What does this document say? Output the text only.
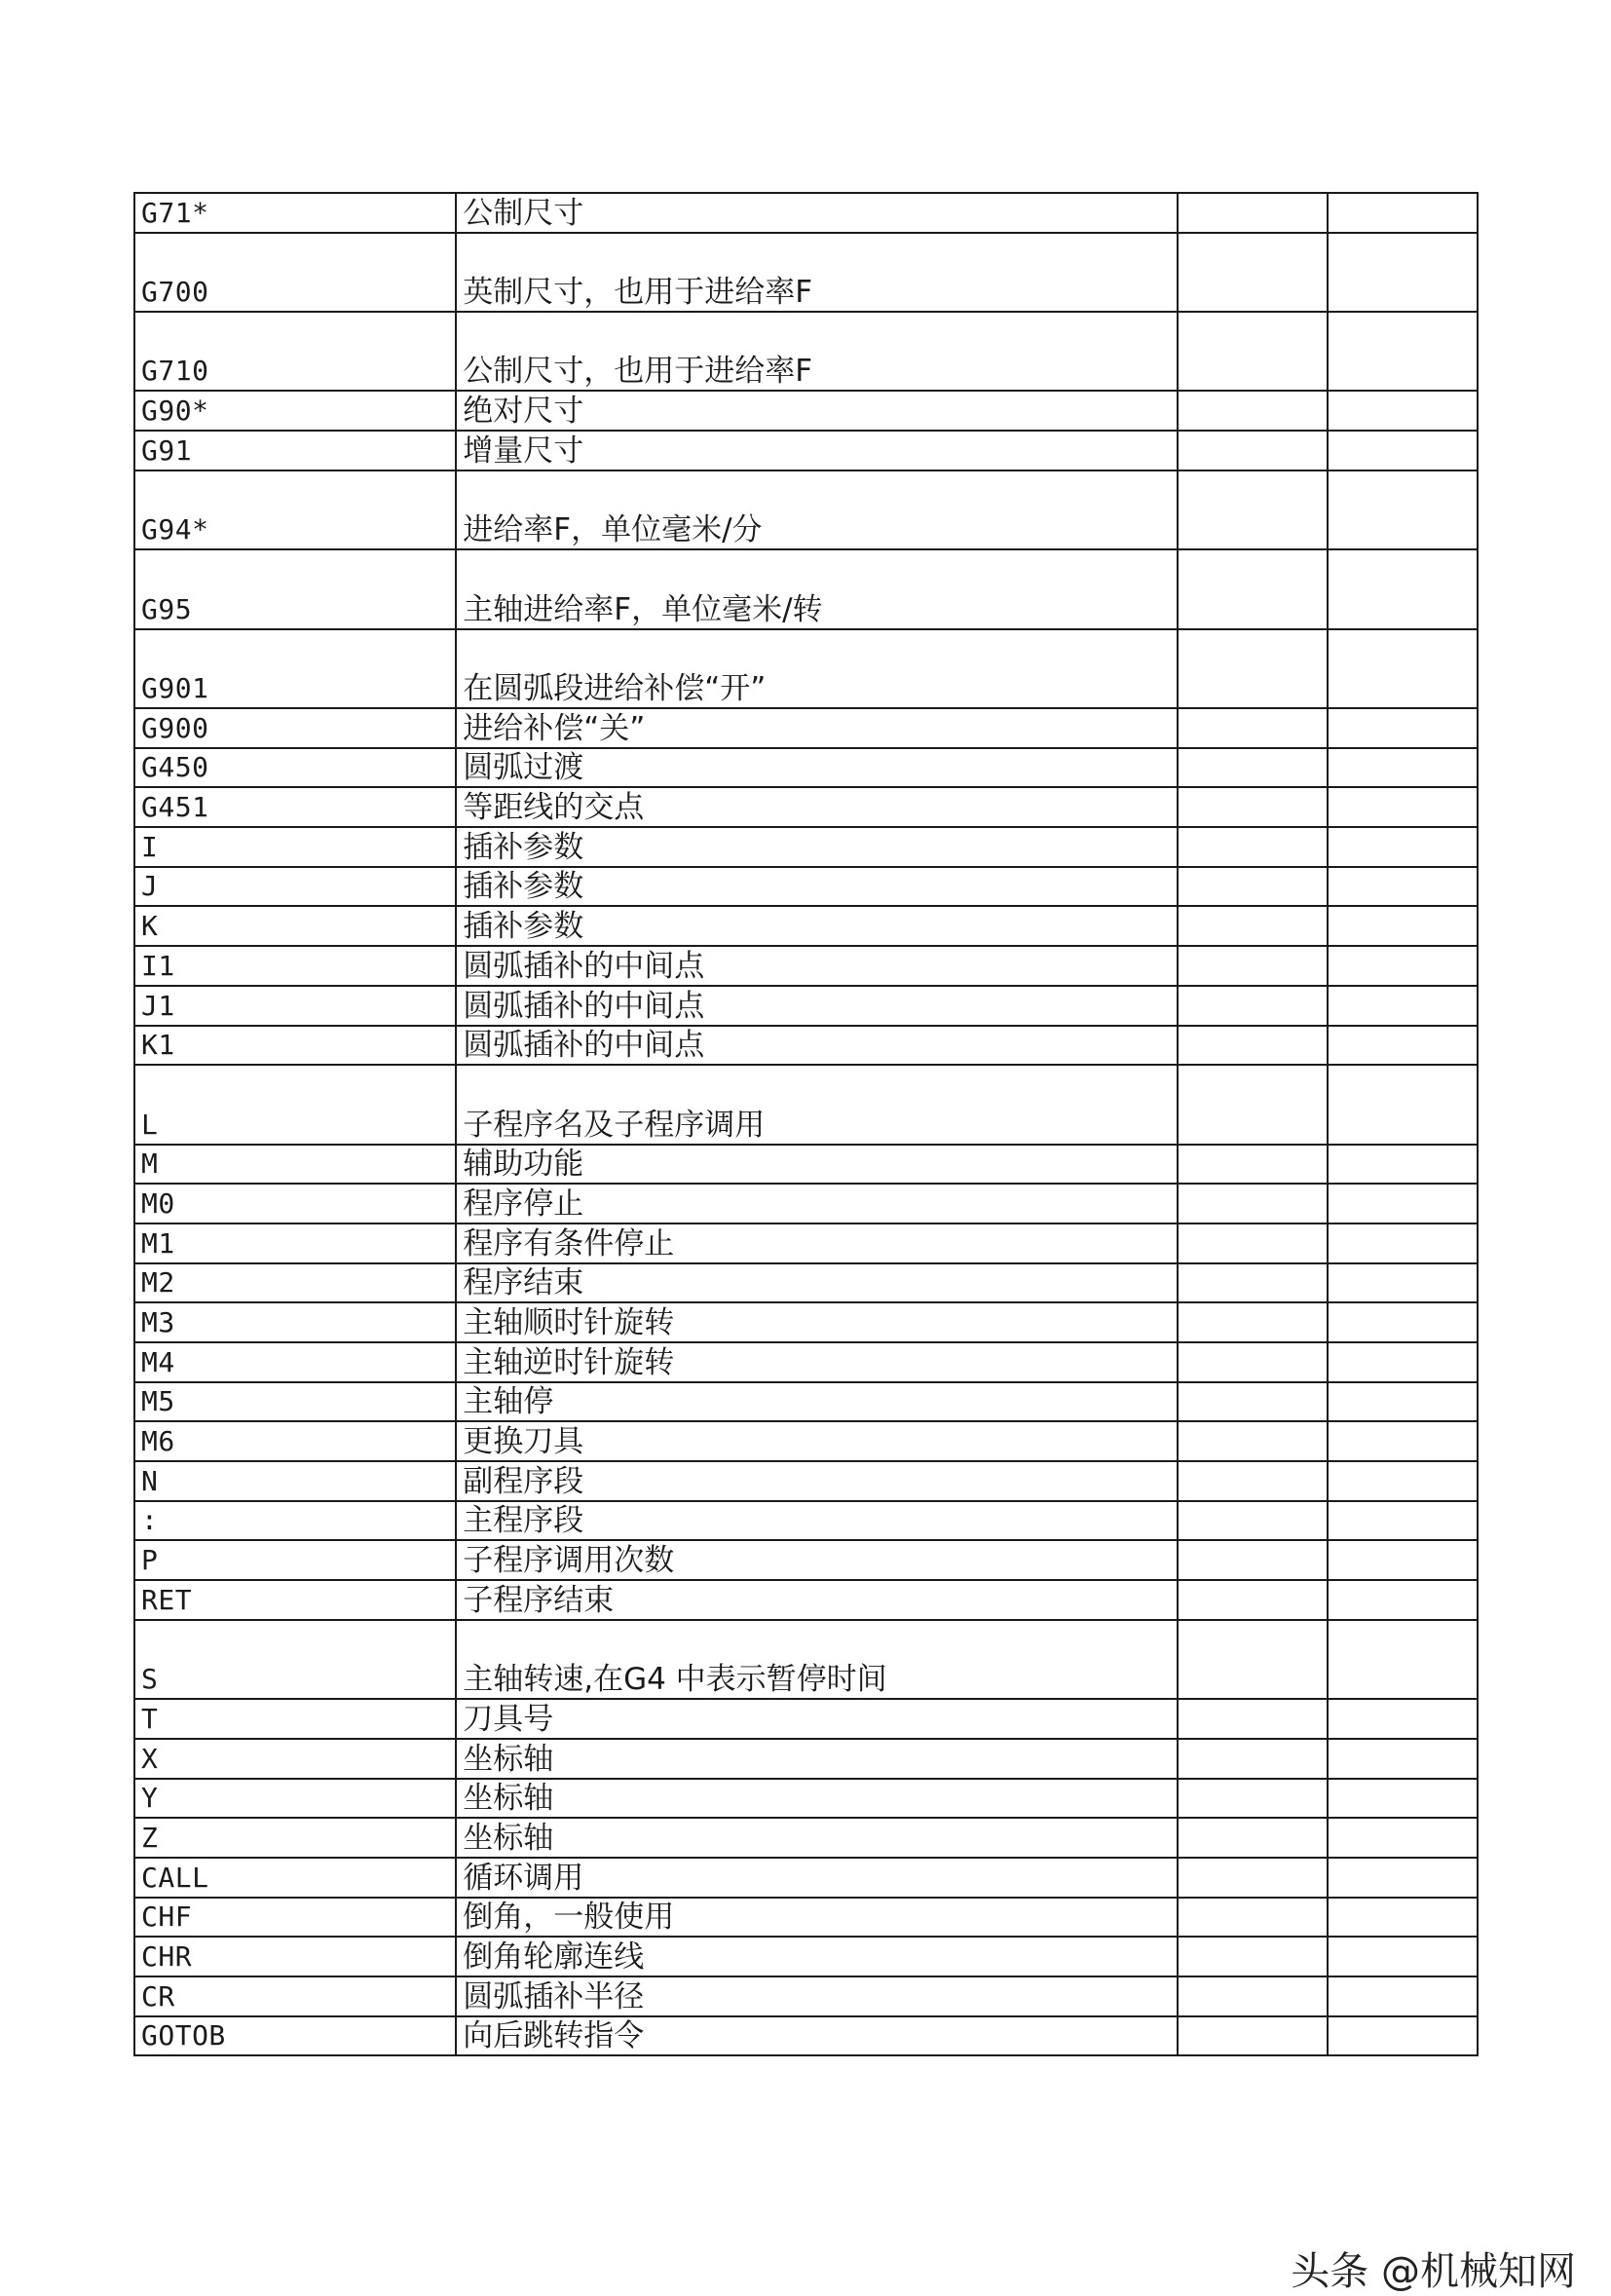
G71*	公制尺寸		
G700	英制尺寸，也用于进给率F		
G710	公制尺寸，也用于进给率F		
G90*	绝对尺寸		
G91	增量尺寸		
G94*	进给率F，单位毫米/分		
G95	主轴进给率F，单位毫米/转		
G901	在圆弧段进给补偿“开”		
G900	进给补偿“关”		
G450	圆弧过渡		
G451	等距线的交点		
I	插补参数		
J	插补参数		
K	插补参数		
I1	圆弧插补的中间点		
J1	圆弧插补的中间点		
K1	圆弧插补的中间点		
L	子程序名及子程序调用		
M	辅助功能		
M0	程序停止		
M1	程序有条件停止		
M2	程序结束		
M3	主轴顺时针旋转		
M4	主轴逆时针旋转		
M5	主轴停		
M6	更换刀具		
N	副程序段		
:	主程序段		
P	子程序调用次数		
RET	子程序结束		
S	主轴转速,在G4 中表示暂停时间		
T	刀具号		
X	坐标轴		
Y	坐标轴		
Z	坐标轴		
CALL	循环调用		
CHF	倒角，一般使用		
CHR	倒角轮廓连线		
CR	圆弧插补半径		
GOTOB	向后跳转指令		
头条 @机械知网
